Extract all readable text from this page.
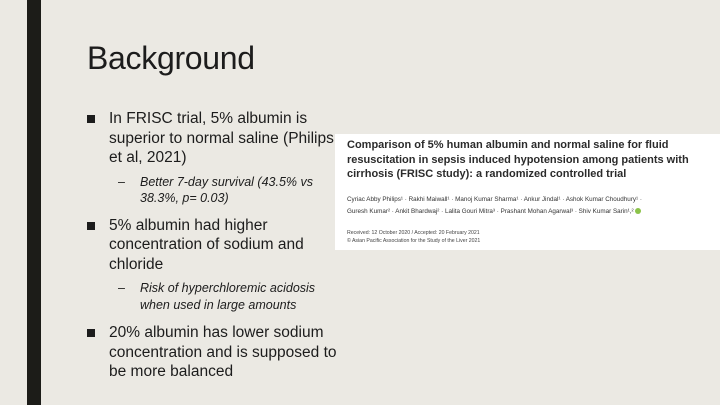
Background
In FRISC trial, 5% albumin is superior to normal saline (Philips et al, 2021)
– Better 7-day survival (43.5% vs 38.3%, p= 0.03)
5% albumin had higher concentration of sodium and chloride
– Risk of hyperchloremic acidosis when used in large amounts
20% albumin has lower sodium concentration and is supposed to be more balanced
Comparison of 5% human albumin and normal saline for fluid resuscitation in sepsis induced hypotension among patients with cirrhosis (FRISC study): a randomized controlled trial
Cyriac Abby Philips¹ · Rakhi Maiwall¹ · Manoj Kumar Sharma¹ · Ankur Jindal¹ · Ashok Kumar Choudhury¹ ·
Guresh Kumar² · Ankit Bhardwaj² · Lalita Gouri Mitra³ · Prashant Mohan Agarwal³ · Shiv Kumar Sarin¹,²
Received: 12 October 2020 / Accepted: 20 February 2021
© Asian Pacific Association for the Study of the Liver 2021
